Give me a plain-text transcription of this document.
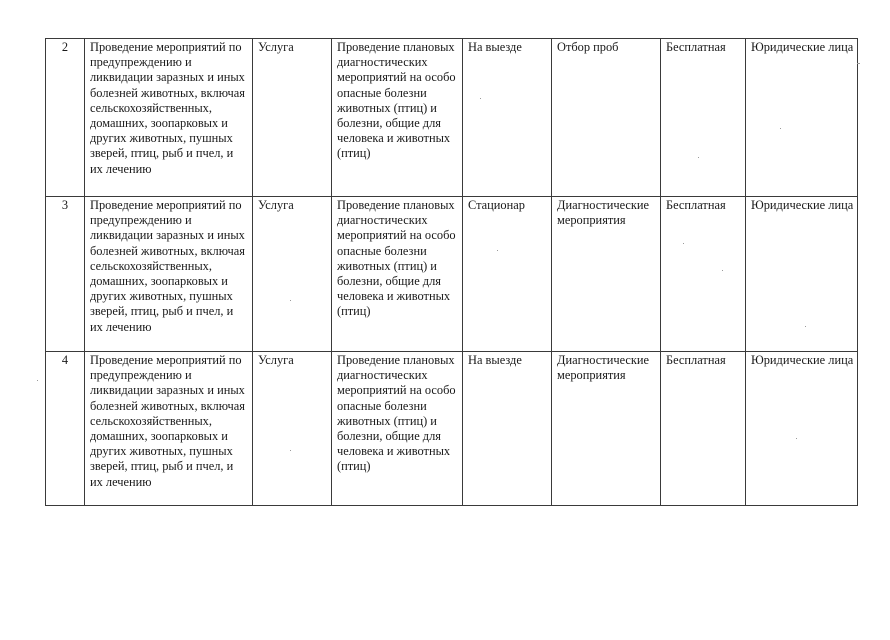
2	Проведение мероприятий по предупреждению и ликвидации заразных и иных болезней животных, включая сельскохозяйственных, домашних, зоопарковых и других животных, пушных зверей, птиц, рыб и пчел, и их лечению	Услуга	Проведение плановых диагностических мероприятий на особо опасные болезни животных (птиц) и болезни, общие для человека и животных (птиц)	На выезде	Отбор проб	Бесплатная	Юридические лица

3	Проведение мероприятий по предупреждению и ликвидации заразных и иных болезней животных, включая сельскохозяйственных, домашних, зоопарковых и других животных, пушных зверей, птиц, рыб и пчел, и их лечению	Услуга	Проведение плановых диагностических мероприятий на особо опасные болезни животных (птиц) и болезни, общие для человека и животных (птиц)	Стационар	Диагностические мероприятия	Бесплатная	Юридические лица

4	Проведение мероприятий по предупреждению и ликвидации заразных и иных болезней животных, включая сельскохозяйственных, домашних, зоопарковых и других животных, пушных зверей, птиц, рыб и пчел, и их лечению	Услуга	Проведение плановых диагностических мероприятий на особо опасные болезни животных (птиц) и болезни, общие для человека и животных (птиц)	На выезде	Диагностические мероприятия	Бесплатная	Юридические лица
